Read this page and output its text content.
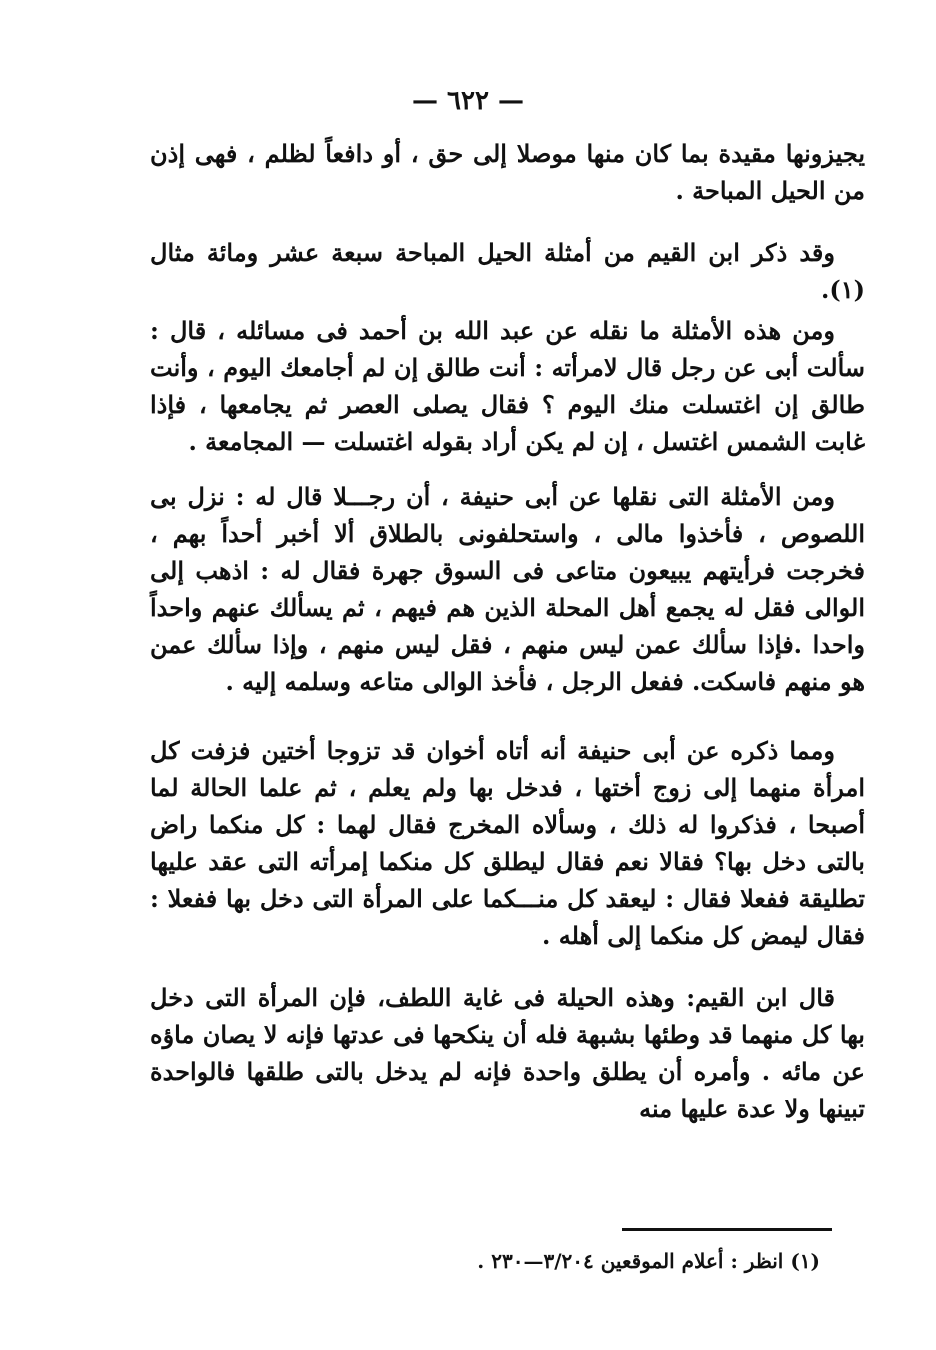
— ٦٢٢ —

يجيزونها مقيدة بما كان منها موصلا إلى حق ، أو دافعاً لظلم ، فهى إذن من الحيل المباحة .

وقد ذكر ابن القيم من أمثلة الحيل المباحة سبعة عشر ومائة مثال (١).

ومن هذه الأمثلة ما نقله عن عبد الله بن أحمد فى مسائله ، قال : سألت أبى عن رجل قال لامرأته : أنت طالق إن لم أجامعك اليوم ، وأنت طالق إن اغتسلت منك اليوم ؟ فقال يصلى العصر ثم يجامعها ، فإذا غابت الشمس اغتسل ، إن لم يكن أراد بقوله اغتسلت — المجامعة .

ومن الأمثلة التى نقلها عن أبى حنيفة ، أن رجـــلا قال له : نزل بى اللصوص ، فأخذوا مالى ، واستحلفونى بالطلاق ألا أخبر أحداً بهم ، فخرجت فرأيتهم يبيعون متاعى فى السوق جهرة فقال له : اذهب إلى الوالى فقل له يجمع أهل المحلة الذين هم فيهم ، ثم يسألك عنهم واحداً واحدا .فإذا سألك عمن ليس منهم ، فقل ليس منهم ، وإذا سألك عمن هو منهم فاسكت. ففعل الرجل ، فأخذ الوالى متاعه وسلمه إليه .

ومما ذكره عن أبى حنيفة أنه أتاه أخوان قد تزوجا أختين فزفت كل امرأة منهما إلى زوج أختها ، فدخل بها ولم يعلم ، ثم علما الحالة لما أصبحا ، فذكروا له ذلك ، وسألاه المخرج فقال لهما : كل منكما راض بالتى دخل بها؟ فقالا نعم فقال ليطلق كل منكما إمرأته التى عقد عليها تطليقة ففعلا فقال : ليعقد كل منـــكما على المرأة التى دخل بها ففعلا : فقال ليمض كل منكما إلى أهله .

قال ابن القيم: وهذه الحيلة فى غاية اللطف، فإن المرأة التى دخل بها كل منهما قد وطئها بشبهة فله أن ينكحها فى عدتها فإنه لا يصان ماؤه عن مائه . وأمره أن يطلق واحدة فإنه لم يدخل بالتى طلقها فالواحدة تبينها ولا عدة عليها منه

(١) انظر : أعلام الموقعين ٣/٢٠٤—٢٣٠ .
